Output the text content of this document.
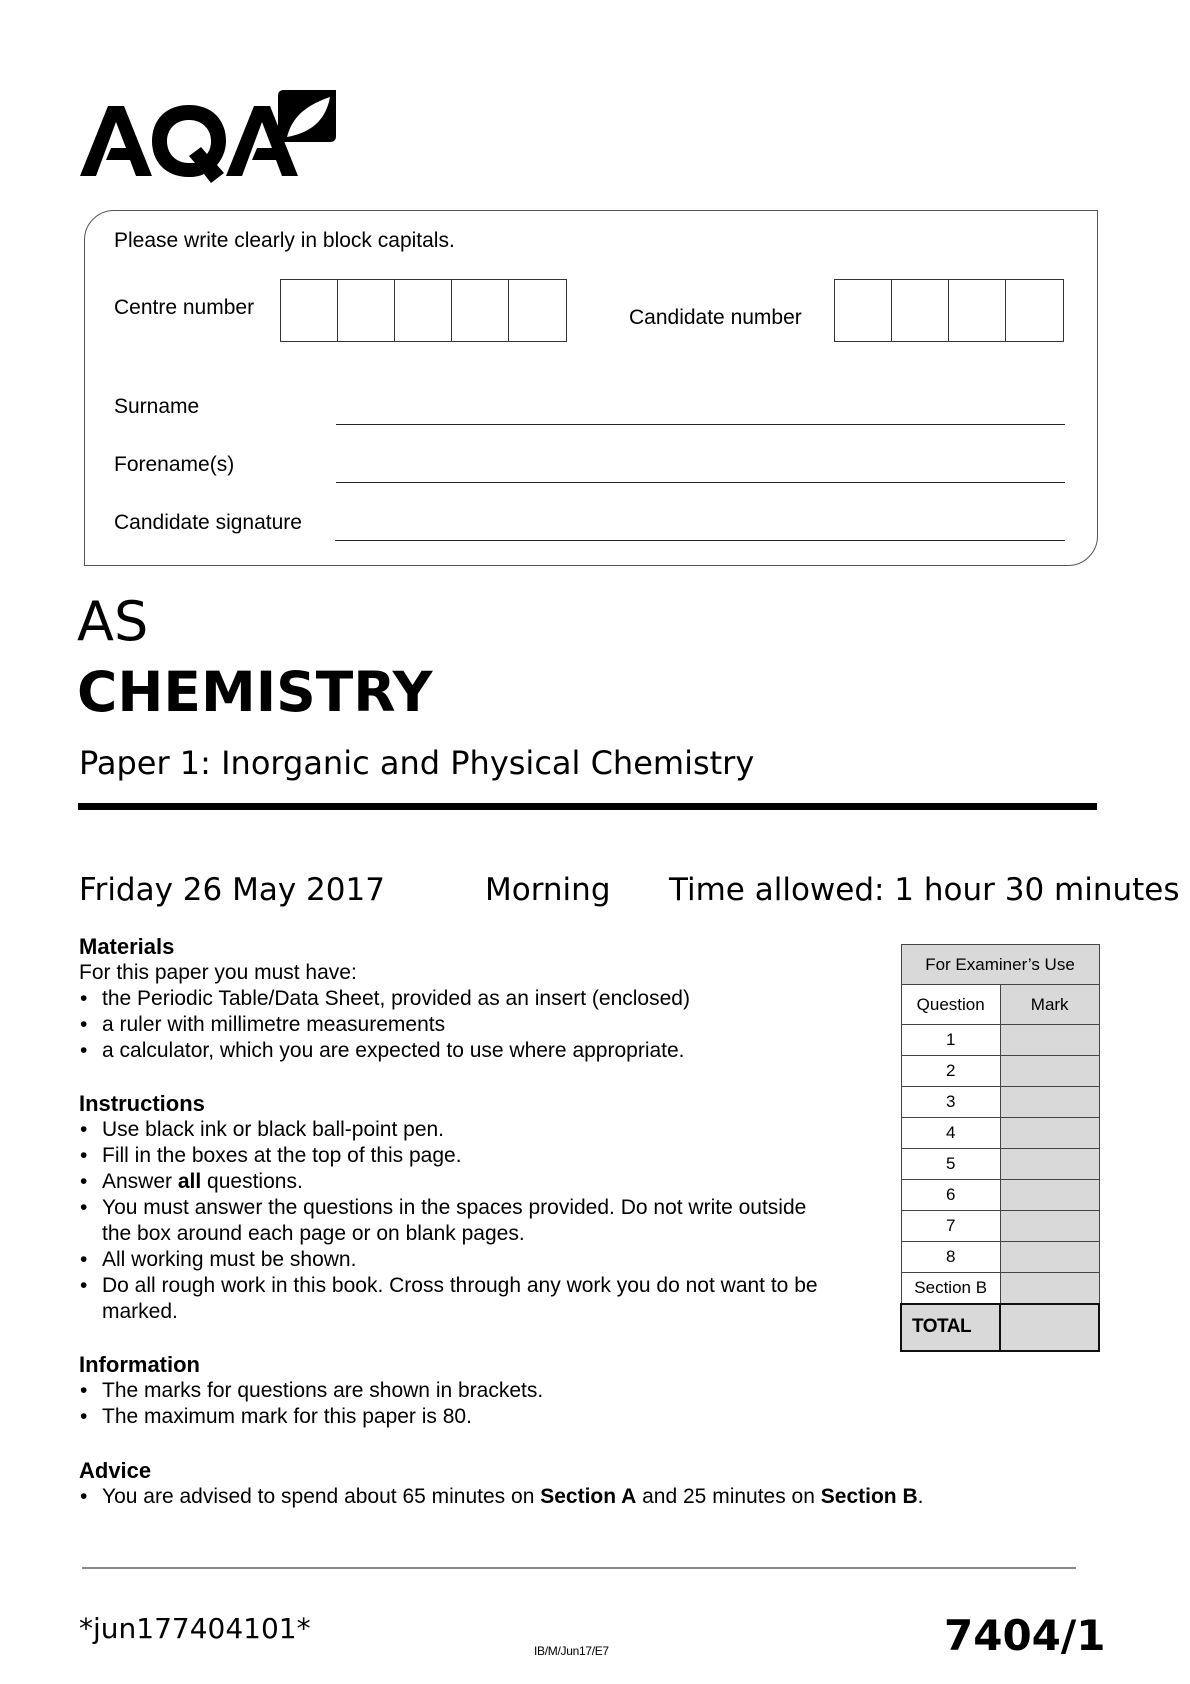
Please write clearly in block capitals.
Centre number	Candidate number
Surname
Forename(s)
Candidate signature
AS
CHEMISTRY
Paper 1: Inorganic and Physical Chemistry
Friday 26 May 2017	Morning Time allowed: 1 hour 30 minutes
Materials

For this paper you must have:

• the Periodic Table/Data Sheet, provided as an insert (enclosed)
• a ruler with millimetre measurements
• a calculator, which you are expected to use where appropriate.
Instructions
• Use black ink or black ball-point pen.
• Fill in the boxes at the top of this page.
• Answer all questions.
• You must answer the questions in the spaces provided. Do not write outside the box around each page or on blank pages.
• All working must be shown.
• Do all rough work in this book. Cross through any work you do not want to be marked.
Information
• The marks for questions are shown in brackets.
• The maximum mark for this paper is 80.
Advice
• You are advised to spend about 65 minutes on Section A and 25 minutes on Section B.
For Examiner’s Use	
Question	Mark
1	
2	
3	
4	
5	
6	
7	
8	
Section B	
TOTAL	
*jun177404101*
IB/M/Jun17/E7	7404/1
